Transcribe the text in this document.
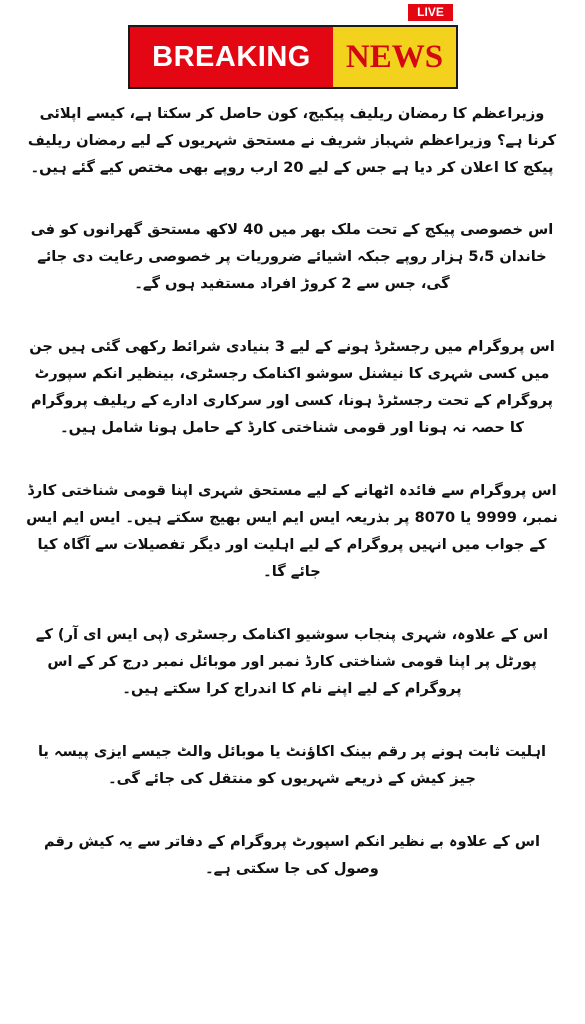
LIVE
BREAKING	NEWS

وزیراعظم کا رمضان ریلیف پیکیج، کون حاصل کر سکتا ہے، کیسے اپلائی کرنا ہے؟ وزیراعظم شہباز شریف نے مستحق شہریوں کے لیے رمضان ریلیف پیکج کا اعلان کر دیا ہے جس کے لیے 20 ارب روپے بھی مختص کیے گئے ہیں۔

اس خصوصی پیکج کے تحت ملک بھر میں 40 لاکھ مستحق گھرانوں کو فی خاندان 5،5 ہزار روپے جبکہ اشیائے ضروریات پر خصوصی رعایت دی جائے گی، جس سے 2 کروڑ افراد مستفید ہوں گے۔

اس پروگرام میں رجسٹرڈ ہونے کے لیے 3 بنیادی شرائط رکھی گئی ہیں جن میں کسی شہری کا نیشنل سوشو اکنامک رجسٹری، بینظیر انکم سپورٹ پروگرام کے تحت رجسٹرڈ ہونا، کسی اور سرکاری ادارے کے ریلیف پروگرام کا حصہ نہ ہونا اور قومی شناختی کارڈ کے حامل ہونا شامل ہیں۔

اس پروگرام سے فائدہ اٹھانے کے لیے مستحق شہری اپنا قومی شناختی کارڈ نمبر، 9999 یا 8070 پر بذریعہ ایس ایم ایس بھیج سکتے ہیں۔ ایس ایم ایس کے جواب میں انہیں پروگرام کے لیے اہلیت اور دیگر تفصیلات سے آگاہ کیا جائے گا۔

اس کے علاوہ، شہری پنجاب سوشیو اکنامک رجسٹری (پی ایس ای آر) کے پورٹل پر اپنا قومی شناختی کارڈ نمبر اور موبائل نمبر درج کر کے اس پروگرام کے لیے اپنے نام کا اندراج کرا سکتے ہیں۔

اہلیت ثابت ہونے پر رقم بینک اکاؤنٹ یا موبائل والٹ جیسے ایزی پیسہ یا جیز کیش کے ذریعے شہریوں کو منتقل کی جائے گی۔

اس کے علاوہ بے نظیر انکم اسپورٹ پروگرام کے دفاتر سے یہ کیش رقم وصول کی جا سکتی ہے۔
